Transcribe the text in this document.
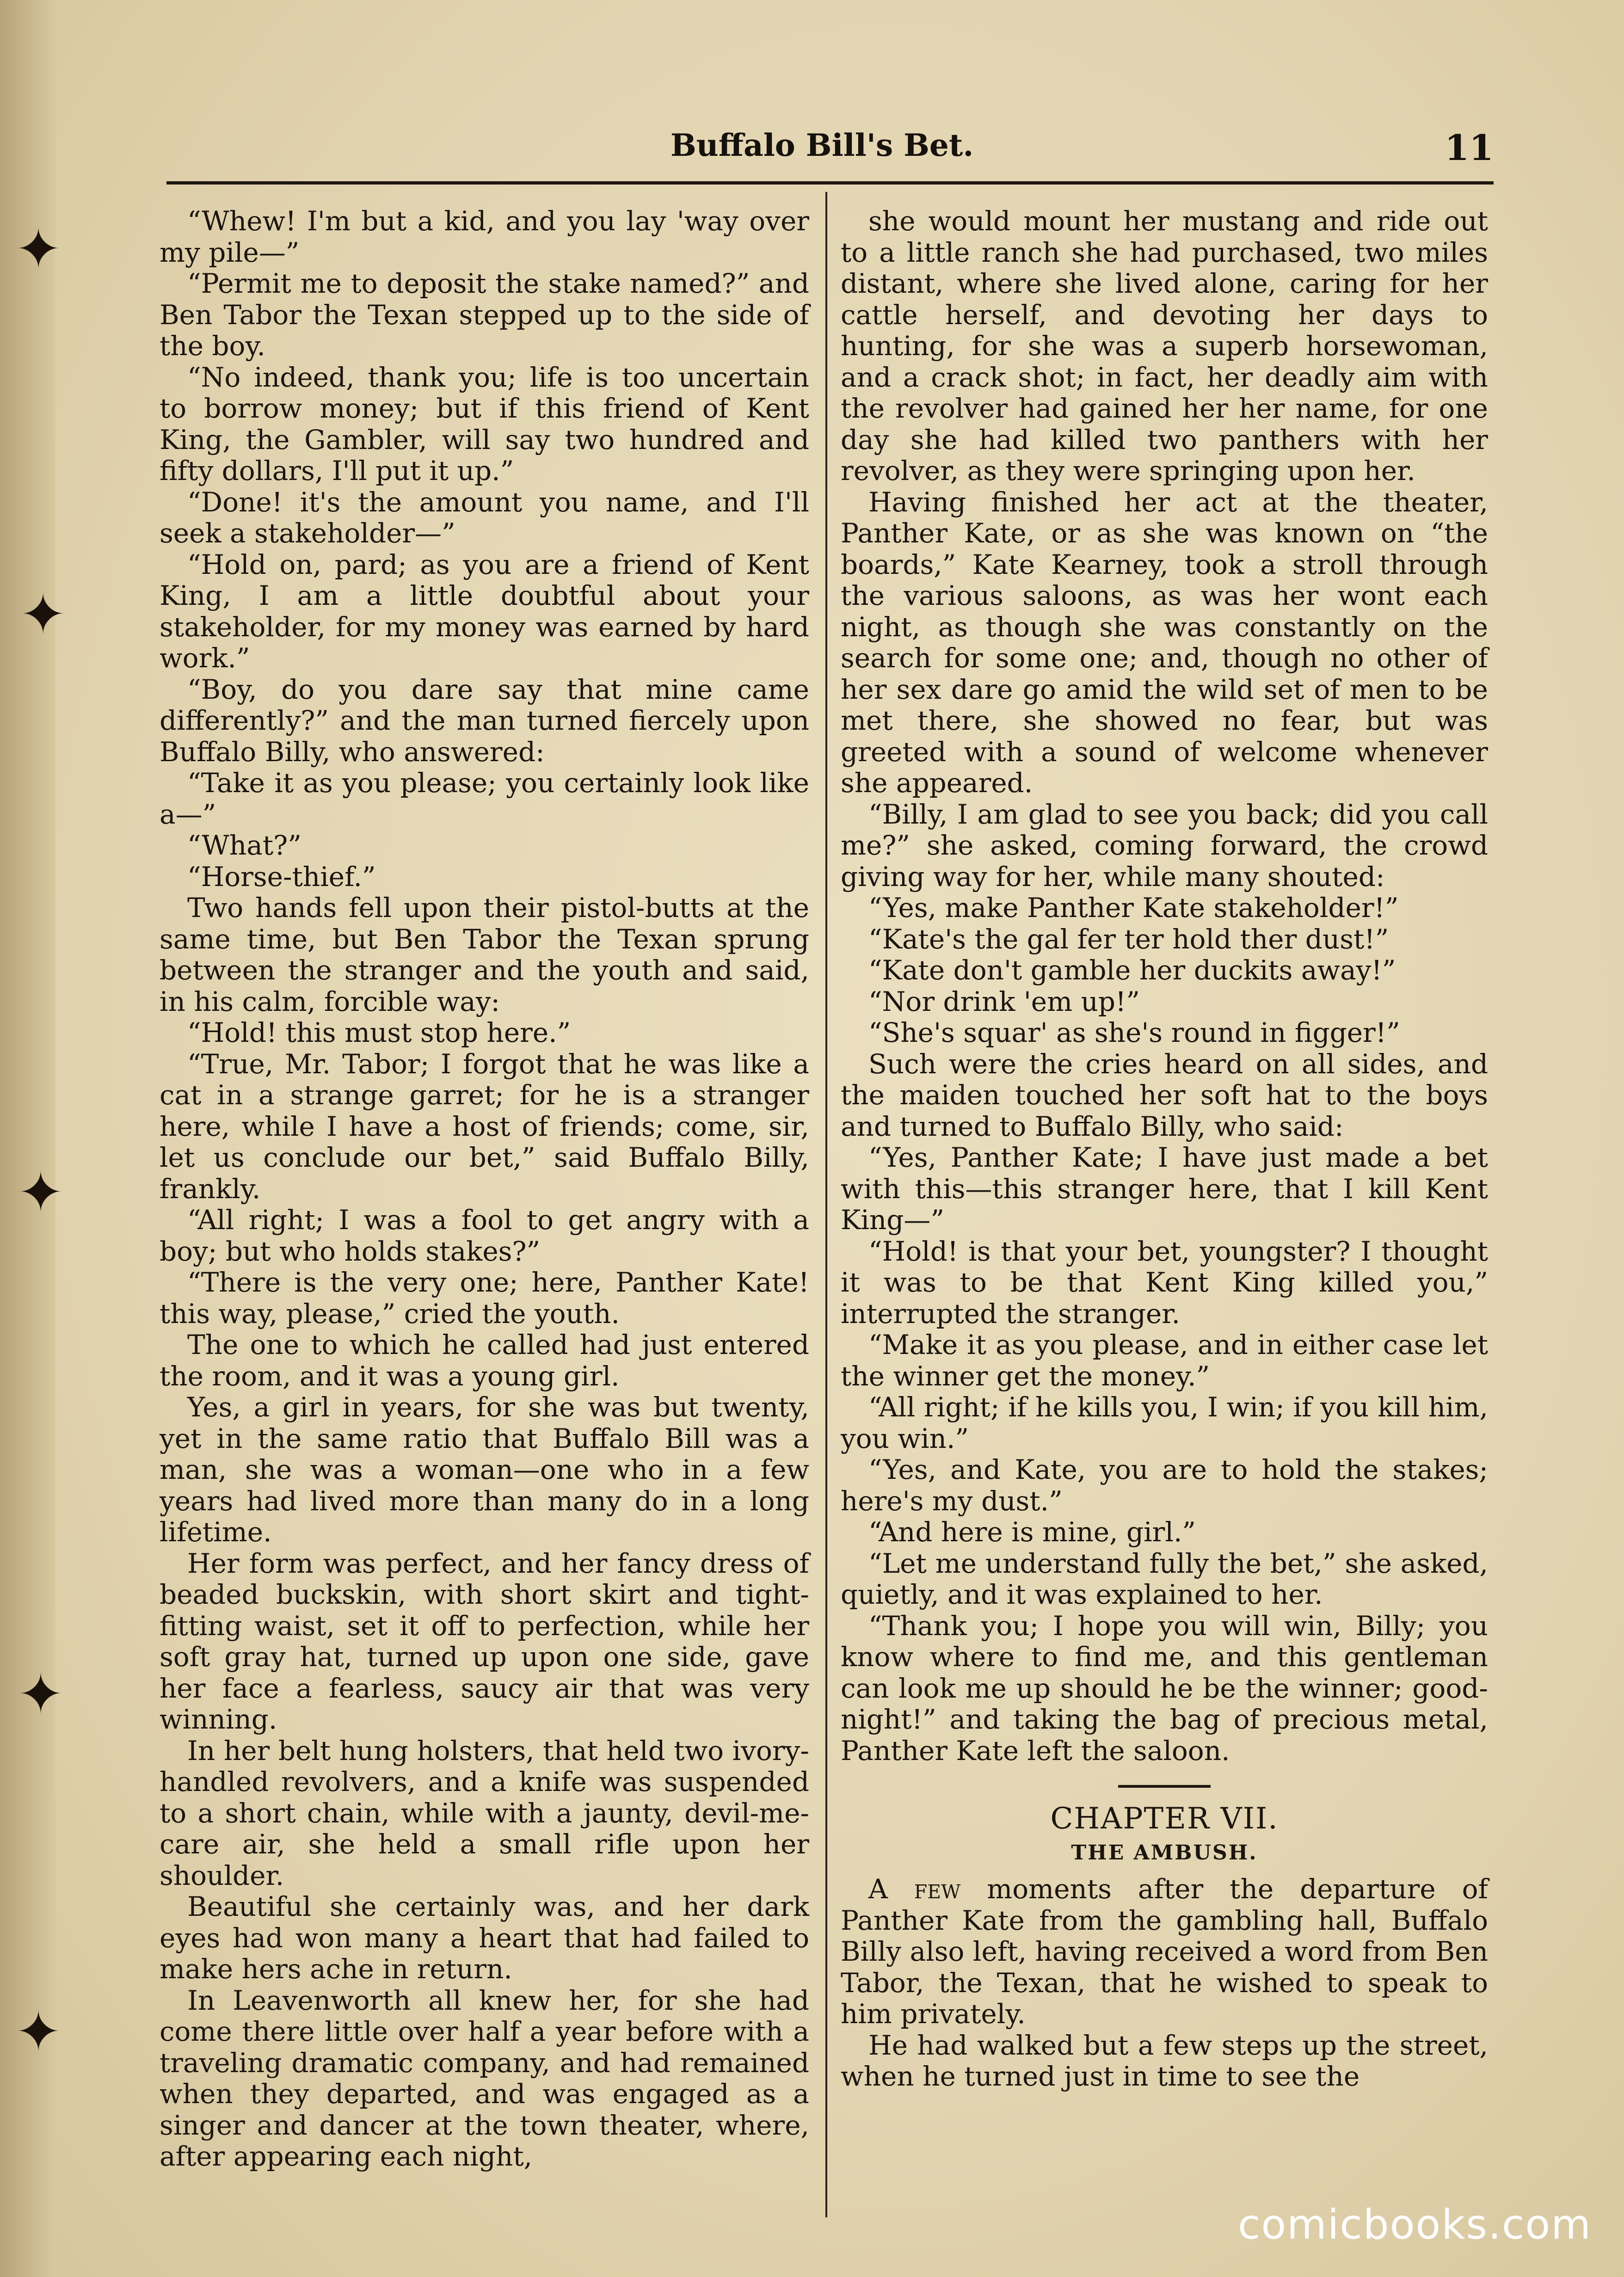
✦
✦
✦
✦
✦
Buffalo Bill's Bet.	11

“Whew! I'm but a kid, and you lay 'way over my pile—”

“Permit me to deposit the stake named?” and Ben Tabor the Texan stepped up to the side of the boy.

“No indeed, thank you; life is too uncertain to borrow money; but if this friend of Kent King, the Gambler, will say two hundred and fifty dollars, I'll put it up.”

“Done! it's the amount you name, and I'll seek a stakeholder—”

“Hold on, pard; as you are a friend of Kent King, I am a little doubtful about your stakeholder, for my money was earned by hard work.”

“Boy, do you dare say that mine came differently?” and the man turned fiercely upon Buffalo Billy, who answered:

“Take it as you please; you certainly look like a—”

“What?”

“Horse-thief.”

Two hands fell upon their pistol-butts at the same time, but Ben Tabor the Texan sprung between the stranger and the youth and said, in his calm, forcible way:

“Hold! this must stop here.”

“True, Mr. Tabor; I forgot that he was like a cat in a strange garret; for he is a stranger here, while I have a host of friends; come, sir, let us conclude our bet,” said Buffalo Billy, frankly.

“All right; I was a fool to get angry with a boy; but who holds stakes?”

“There is the very one; here, Panther Kate! this way, please,” cried the youth.

The one to which he called had just entered the room, and it was a young girl.

Yes, a girl in years, for she was but twenty, yet in the same ratio that Buffalo Bill was a man, she was a woman—one who in a few years had lived more than many do in a long lifetime.

Her form was perfect, and her fancy dress of beaded buckskin, with short skirt and tight-fitting waist, set it off to perfection, while her soft gray hat, turned up upon one side, gave her face a fearless, saucy air that was very winning.

In her belt hung holsters, that held two ivory-handled revolvers, and a knife was suspended to a short chain, while with a jaunty, devil-me-care air, she held a small rifle upon her shoulder.

Beautiful she certainly was, and her dark eyes had won many a heart that had failed to make hers ache in return.

In Leavenworth all knew her, for she had come there little over half a year before with a traveling dramatic company, and had remained when they departed, and was engaged as a singer and dancer at the town theater, where, after appearing each night,

she would mount her mustang and ride out to a little ranch she had purchased, two miles distant, where she lived alone, caring for her cattle herself, and devoting her days to hunting, for she was a superb horsewoman, and a crack shot; in fact, her deadly aim with the revolver had gained her her name, for one day she had killed two panthers with her revolver, as they were springing upon her.

Having finished her act at the theater, Panther Kate, or as she was known on “the boards,” Kate Kearney, took a stroll through the various saloons, as was her wont each night, as though she was constantly on the search for some one; and, though no other of her sex dare go amid the wild set of men to be met there, she showed no fear, but was greeted with a sound of welcome whenever she appeared.

“Billy, I am glad to see you back; did you call me?” she asked, coming forward, the crowd giving way for her, while many shouted:

“Yes, make Panther Kate stakeholder!”

“Kate's the gal fer ter hold ther dust!”

“Kate don't gamble her duckits away!”

“Nor drink 'em up!”

“She's squar' as she's round in figger!”

Such were the cries heard on all sides, and the maiden touched her soft hat to the boys and turned to Buffalo Billy, who said:

“Yes, Panther Kate; I have just made a bet with this—this stranger here, that I kill Kent King—”

“Hold! is that your bet, youngster? I thought it was to be that Kent King killed you,” interrupted the stranger.

“Make it as you please, and in either case let the winner get the money.”

“All right; if he kills you, I win; if you kill him, you win.”

“Yes, and Kate, you are to hold the stakes; here's my dust.”

“And here is mine, girl.”

“Let me understand fully the bet,” she asked, quietly, and it was explained to her.

“Thank you; I hope you will win, Billy; you know where to find me, and this gentleman can look me up should he be the winner; good-night!” and taking the bag of precious metal, Panther Kate left the saloon.

CHAPTER VII.
THE AMBUSH.

A few moments after the departure of Panther Kate from the gambling hall, Buffalo Billy also left, having received a word from Ben Tabor, the Texan, that he wished to speak to him privately.

He had walked but a few steps up the street, when he turned just in time to see the

comicbooks.com
